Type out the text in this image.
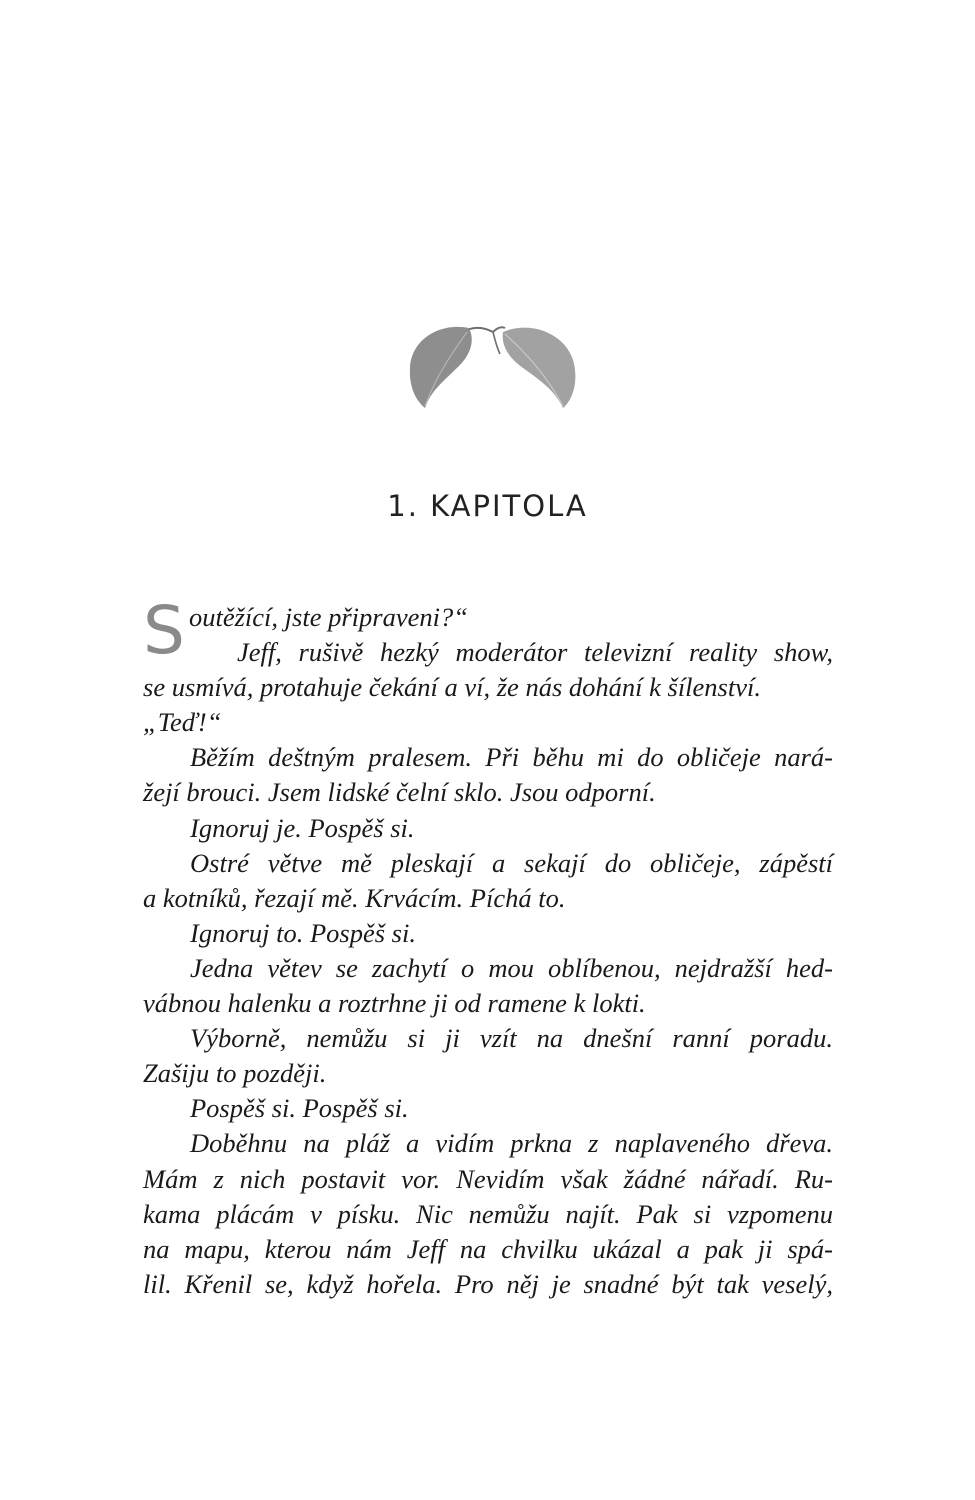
1. KAPITOLA
S outěžící, jste připraveni?“
Jeff, rušivě hezký moderátor televizní reality show,
se usmívá, protahuje čekání a ví, že nás dohání k šílenství.
„Teď!“
Běžím deštným pralesem. Při běhu mi do obličeje nará-
žejí brouci. Jsem lidské čelní sklo. Jsou odporní.
Ignoruj je. Pospěš si.
Ostré větve mě pleskají a sekají do obličeje, zápěstí
a kotníků, řezají mě. Krvácím. Píchá to.
Ignoruj to. Pospěš si.
Jedna větev se zachytí o mou oblíbenou, nejdražší hed-
vábnou halenku a roztrhne ji od ramene k lokti.
Výborně, nemůžu si ji vzít na dnešní ranní poradu.
Zašiju to později.
Pospěš si. Pospěš si.
Doběhnu na pláž a vidím prkna z naplaveného dřeva.
Mám z nich postavit vor. Nevidím však žádné nářadí. Ru-
kama plácám v písku. Nic nemůžu najít. Pak si vzpomenu
na mapu, kterou nám Jeff na chvilku ukázal a pak ji spá-
lil. Křenil se, když hořela. Pro něj je snadné být tak veselý,
